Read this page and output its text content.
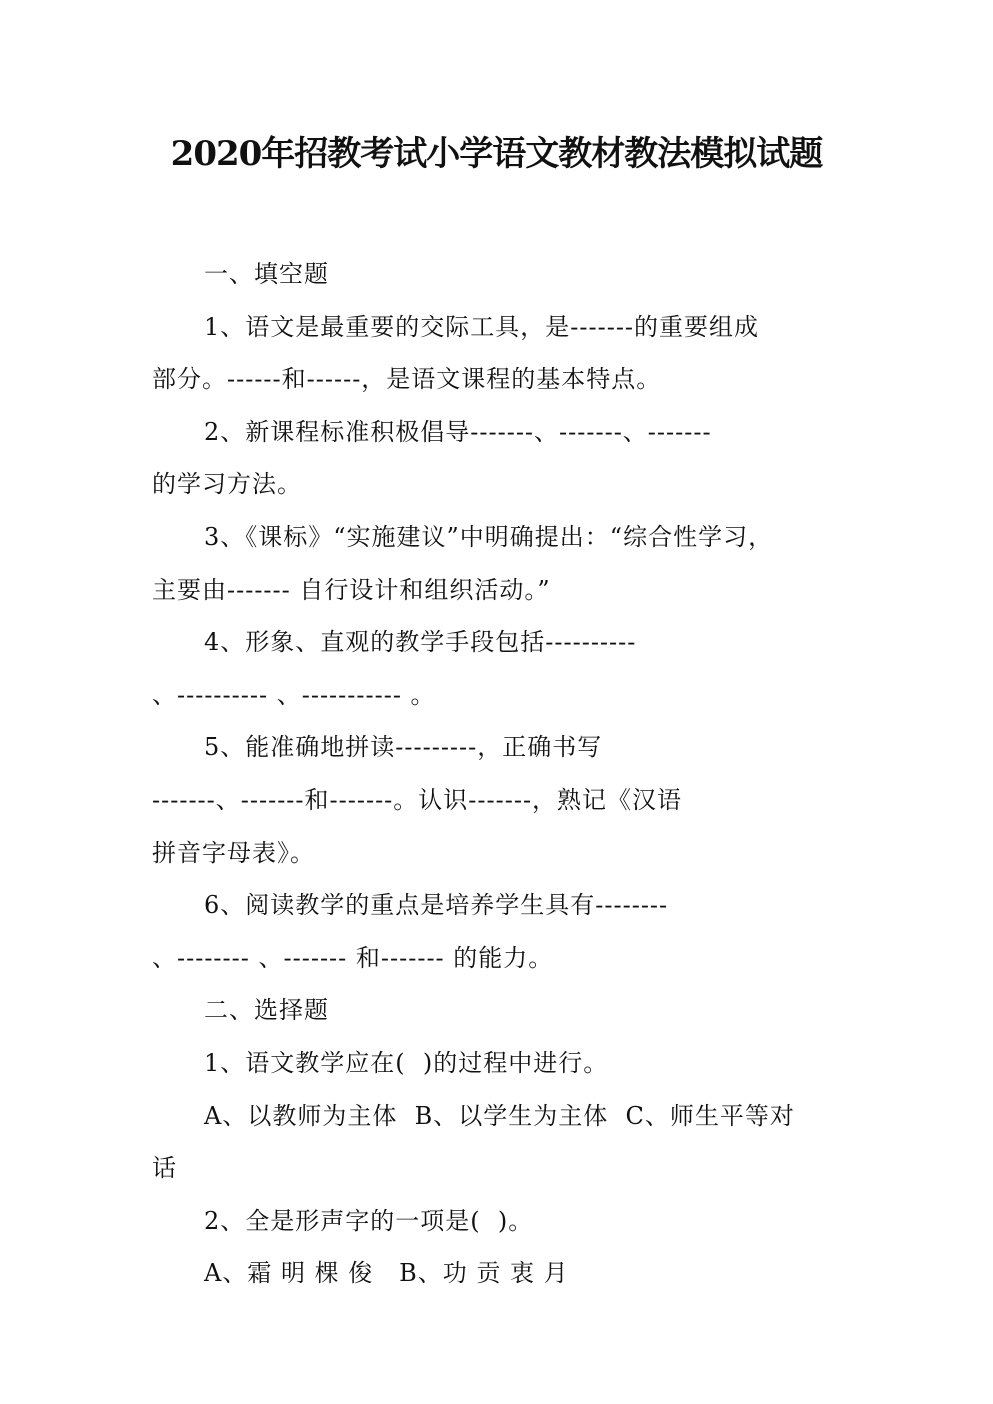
2020年招教考试小学语文教材教法模拟试题
一、填空题
1、语文是最重要的交际工具，是-------的重要组成
部分。------和------，是语文课程的基本特点。
2、新课程标准积极倡导-------、-------、-------
的学习方法。
3、《课标》“实施建议”中明确提出：“综合性学习，
主要由------- 自行设计和组织活动。”
4、形象、直观的教学手段包括----------
、---------- 、----------- 。
5、能准确地拼读---------，正确书写
-------、-------和-------。认识-------，熟记《汉语
拼音字母表》。
6、阅读教学的重点是培养学生具有--------
、-------- 、------- 和------- 的能力。
二、选择题
1、语文教学应在(  )的过程中进行。
A、以教师为主体  B、以学生为主体  C、师生平等对
话
2、全是形声字的一项是(  )。
A、霜 明 棵 俊   B、功 贡 衷 月
